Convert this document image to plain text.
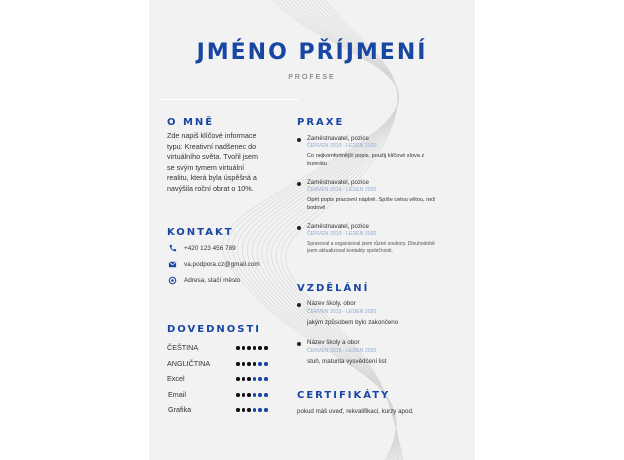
JMÉNO PŘÍJMENÍ
PROFESE
O MNĚ
Zde napiš klíčové informace
typu: Kreativní nadšenec do
virtuálního světa. Tvořil jsem
se svým tymem virtuální
realitu, která byla úspěšná a
navýšila roční obrat o 10%.
KONTAKT
+420 123 456 789
va.podpora.cz@gmail.com
Adresa, stačí město
DOVEDNOSTI
ČEŠTINA
ANGLIČTINA
Excel
Email
Grafika
PRAXE
Zaměstnavatel, pozice
ČERVEN 2019 - LEDEN 2020
Co nejkomfortnější popis, použij klíčové slova z
inzerátu
Zaměstnavatel, pozice
ČERVEN 2019 - LEDEN 2020
Opět popis pracovní náplně. Spíše celou větou, než
bodově
Zaměstnavatel, pozice
ČERVEN 2019 - LEDEN 2020
Spravoval a organizoval jsem různé soubory. Dlouhodobě
jsem aktualizoval kontakty společnosti.
VZDĚLÁNÍ
Název školy, obor
ČERVEN 2019 - LEDEN 2020
jakým způsobem bylo zakončeno
Název školy a obor
ČERVEN 2019 - LEDEN 2020
stuň, maturita vysvědčení list
CERTIFIKÁTY
pokud máš uveď, rekvalifikaci, kurzy apod.
